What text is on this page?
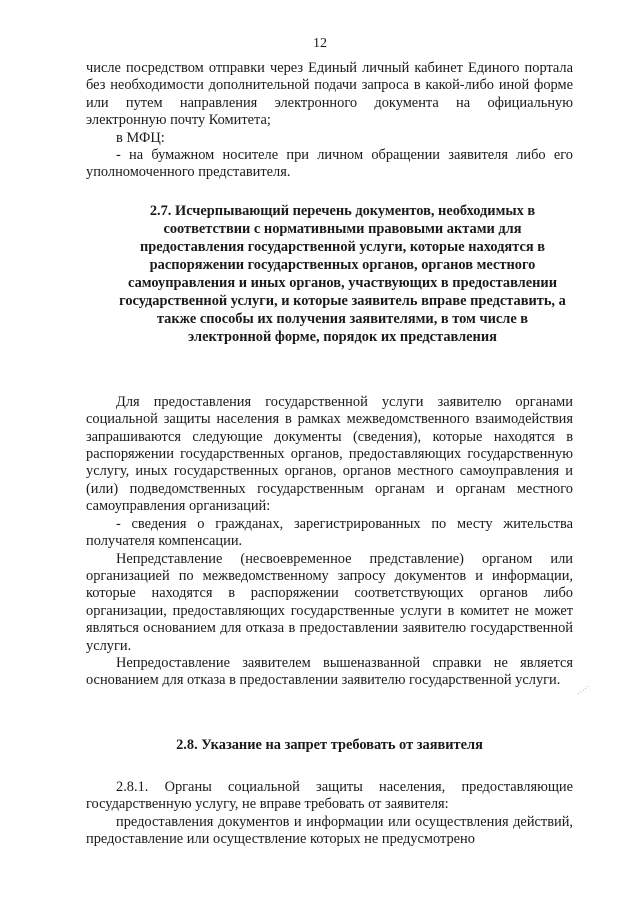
12

числе посредством отправки через Единый личный кабинет Единого портала без необходимости дополнительной подачи запроса в какой-либо иной форме или путем направления электронного документа на официальную электронную почту Комитета;

в МФЦ:

- на бумажном носителе при личном обращении заявителя либо его уполномоченного представителя.

2.7. Исчерпывающий перечень документов, необходимых в соответствии с нормативными правовыми актами для предоставления государственной услуги, которые находятся в распоряжении государственных органов, органов местного самоуправления и иных органов, участвующих в предоставлении государственной услуги, и которые заявитель вправе представить, а также способы их получения заявителями, в том числе в электронной форме, порядок их представления

Для предоставления государственной услуги заявителю органами социальной защиты населения в рамках межведомственного взаимодействия запрашиваются следующие документы (сведения), которые находятся в распоряжении государственных органов, предоставляющих государственную услугу, иных государственных органов, органов местного самоуправления и (или) подведомственных государственным органам и органам местного самоуправления организаций:

- сведения о гражданах, зарегистрированных по месту жительства получателя компенсации.

Непредставление (несвоевременное представление) органом или организацией по межведомственному запросу документов и информации, которые находятся в распоряжении соответствующих органов либо организации, предоставляющих государственные услуги в комитет не может являться основанием для отказа в предоставлении заявителю государственной услуги.

Непредоставление заявителем вышеназванной справки не является основанием для отказа в предоставлении заявителю государственной услуги.

2.8. Указание на запрет требовать от заявителя

2.8.1. Органы социальной защиты населения, предоставляющие государственную услугу, не вправе требовать от заявителя:

предоставления документов и информации или осуществления действий, предоставление или осуществление которых не предусмотрено
